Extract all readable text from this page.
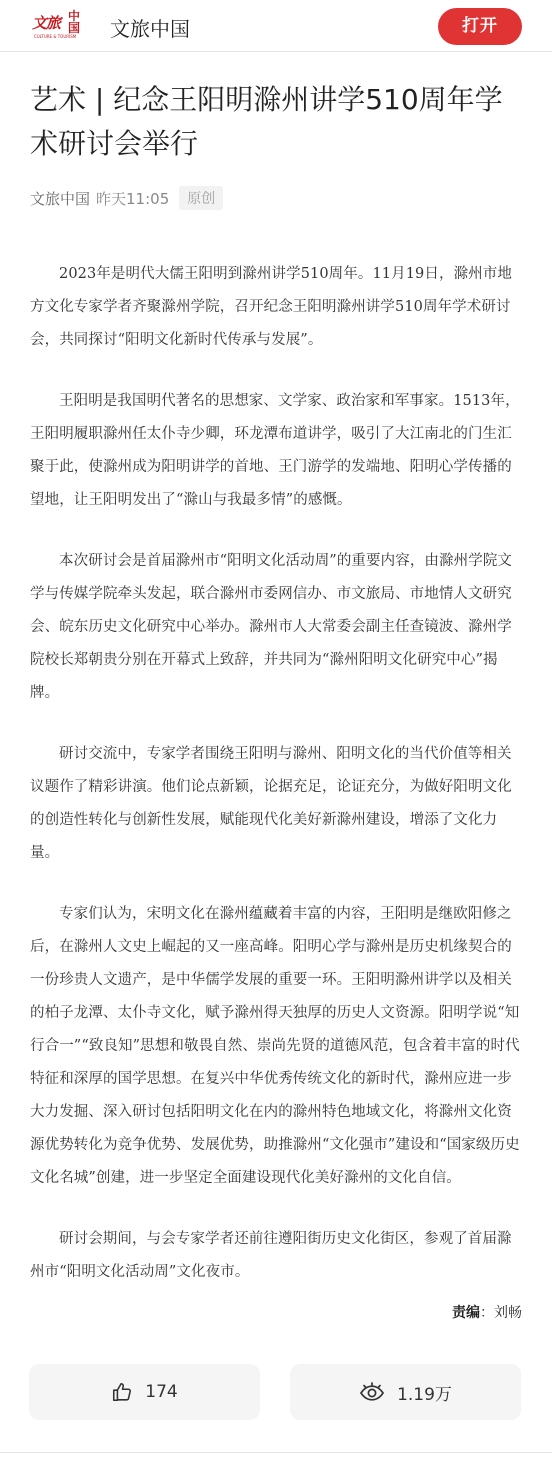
文旅 中国
CULTURE & TOURISM 文旅中国	打开
艺术 | 纪念王阳明滁州讲学510周年学术研讨会举行
文旅中国 昨天11:05	原创

2023年是明代大儒王阳明到滁州讲学510周年。11月19日，滁州市地方文化专家学者齐聚滁州学院，召开纪念王阳明滁州讲学510周年学术研讨会，共同探讨“阳明文化新时代传承与发展”。

王阳明是我国明代著名的思想家、文学家、政治家和军事家。1513年，王阳明履职滁州任太仆寺少卿，环龙潭布道讲学，吸引了大江南北的门生汇聚于此，使滁州成为阳明讲学的首地、王门游学的发端地、阳明心学传播的望地，让王阳明发出了“滁山与我最多情”的感慨。

本次研讨会是首届滁州市“阳明文化活动周”的重要内容，由滁州学院文学与传媒学院牵头发起，联合滁州市委网信办、市文旅局、市地情人文研究会、皖东历史文化研究中心举办。滁州市人大常委会副主任查镜波、滁州学院校长郑朝贵分别在开幕式上致辞，并共同为“滁州阳明文化研究中心”揭牌。

研讨交流中，专家学者围绕王阳明与滁州、阳明文化的当代价值等相关议题作了精彩讲演。他们论点新颖，论据充足，论证充分，为做好阳明文化的创造性转化与创新性发展，赋能现代化美好新滁州建设，增添了文化力量。

专家们认为，宋明文化在滁州蕴藏着丰富的内容，王阳明是继欧阳修之后，在滁州人文史上崛起的又一座高峰。阳明心学与滁州是历史机缘契合的一份珍贵人文遗产，是中华儒学发展的重要一环。王阳明滁州讲学以及相关的柏子龙潭、太仆寺文化，赋予滁州得天独厚的历史人文资源。阳明学说“知行合一”“致良知”思想和敬畏自然、崇尚先贤的道德风范，包含着丰富的时代特征和深厚的国学思想。在复兴中华优秀传统文化的新时代，滁州应进一步大力发掘、深入研讨包括阳明文化在内的滁州特色地域文化，将滁州文化资源优势转化为竞争优势、发展优势，助推滁州“文化强市”建设和“国家级历史文化名城”创建，进一步坚定全面建设现代化美好滁州的文化自信。

研讨会期间，与会专家学者还前往遵阳街历史文化街区，参观了首届滁州市“阳明文化活动周”文化夜市。

责编：刘畅
174	1.19万
